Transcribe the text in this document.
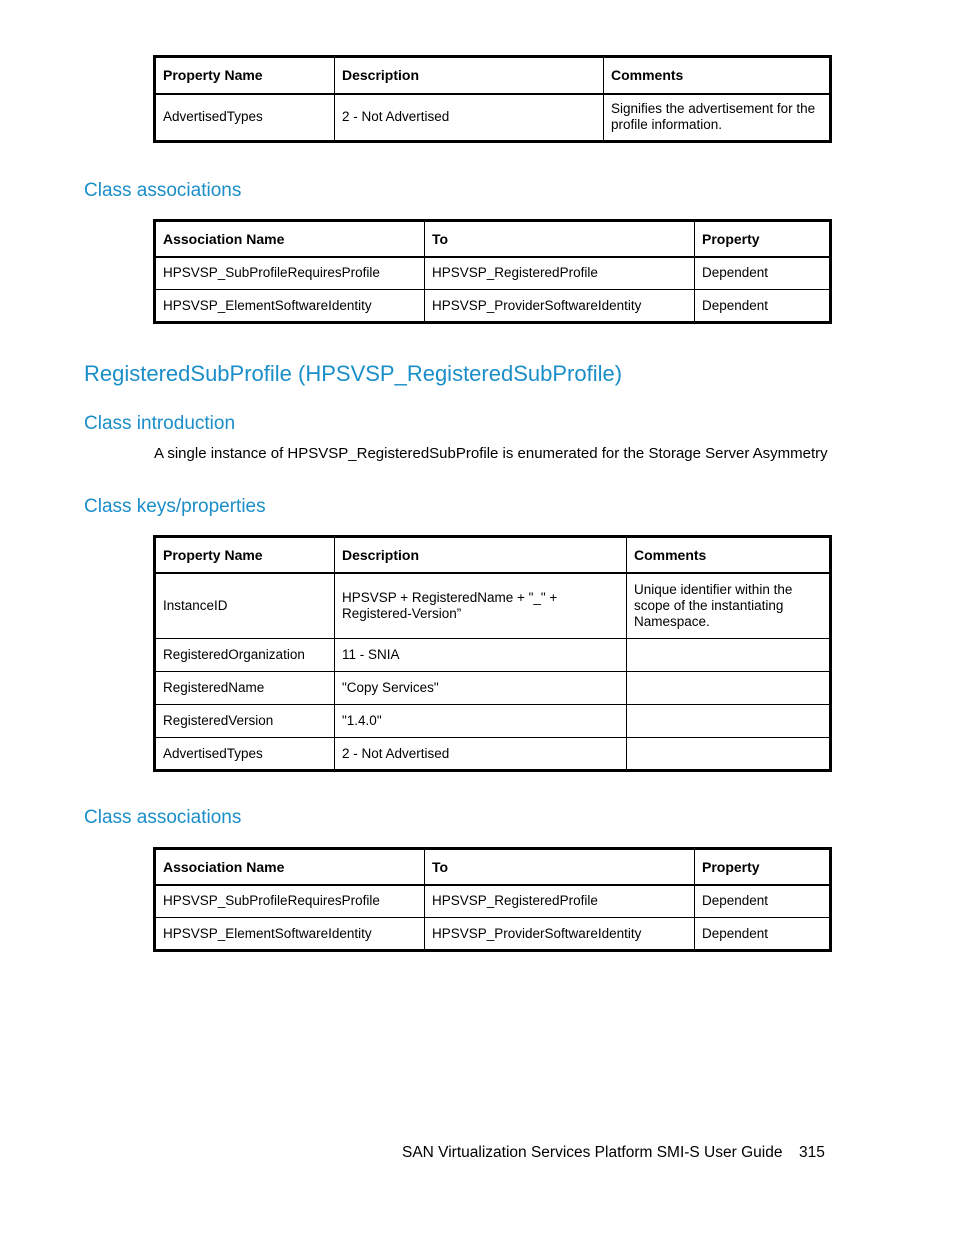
Property Name	Description	Comments
AdvertisedTypes	2 - Not Advertised	Signifies the advertisement for the profile information.
Class associations
Association Name	To	Property
HPSVSP_SubProfileRequiresProfile	HPSVSP_RegisteredProfile	Dependent
HPSVSP_ElementSoftwareIdentity	HPSVSP_ProviderSoftwareIdentity	Dependent
RegisteredSubProfile (HPSVSP_RegisteredSubProfile)
Class introduction

A single instance of HPSVSP_RegisteredSubProfile is enumerated for the Storage Server Asymmetry

Class keys/properties
Property Name	Description	Comments
InstanceID	HPSVSP + RegisteredName + "_" + Registered-Version”	Unique identifier within the scope of the instantiating Namespace.
RegisteredOrganization	11 - SNIA	
RegisteredName	"Copy Services"	
RegisteredVersion	"1.4.0"	
AdvertisedTypes	2 - Not Advertised	
Class associations
Association Name	To	Property
HPSVSP_SubProfileRequiresProfile	HPSVSP_RegisteredProfile	Dependent
HPSVSP_ElementSoftwareIdentity	HPSVSP_ProviderSoftwareIdentity	Dependent
SAN Virtualization Services Platform SMI-S User Guide 315
